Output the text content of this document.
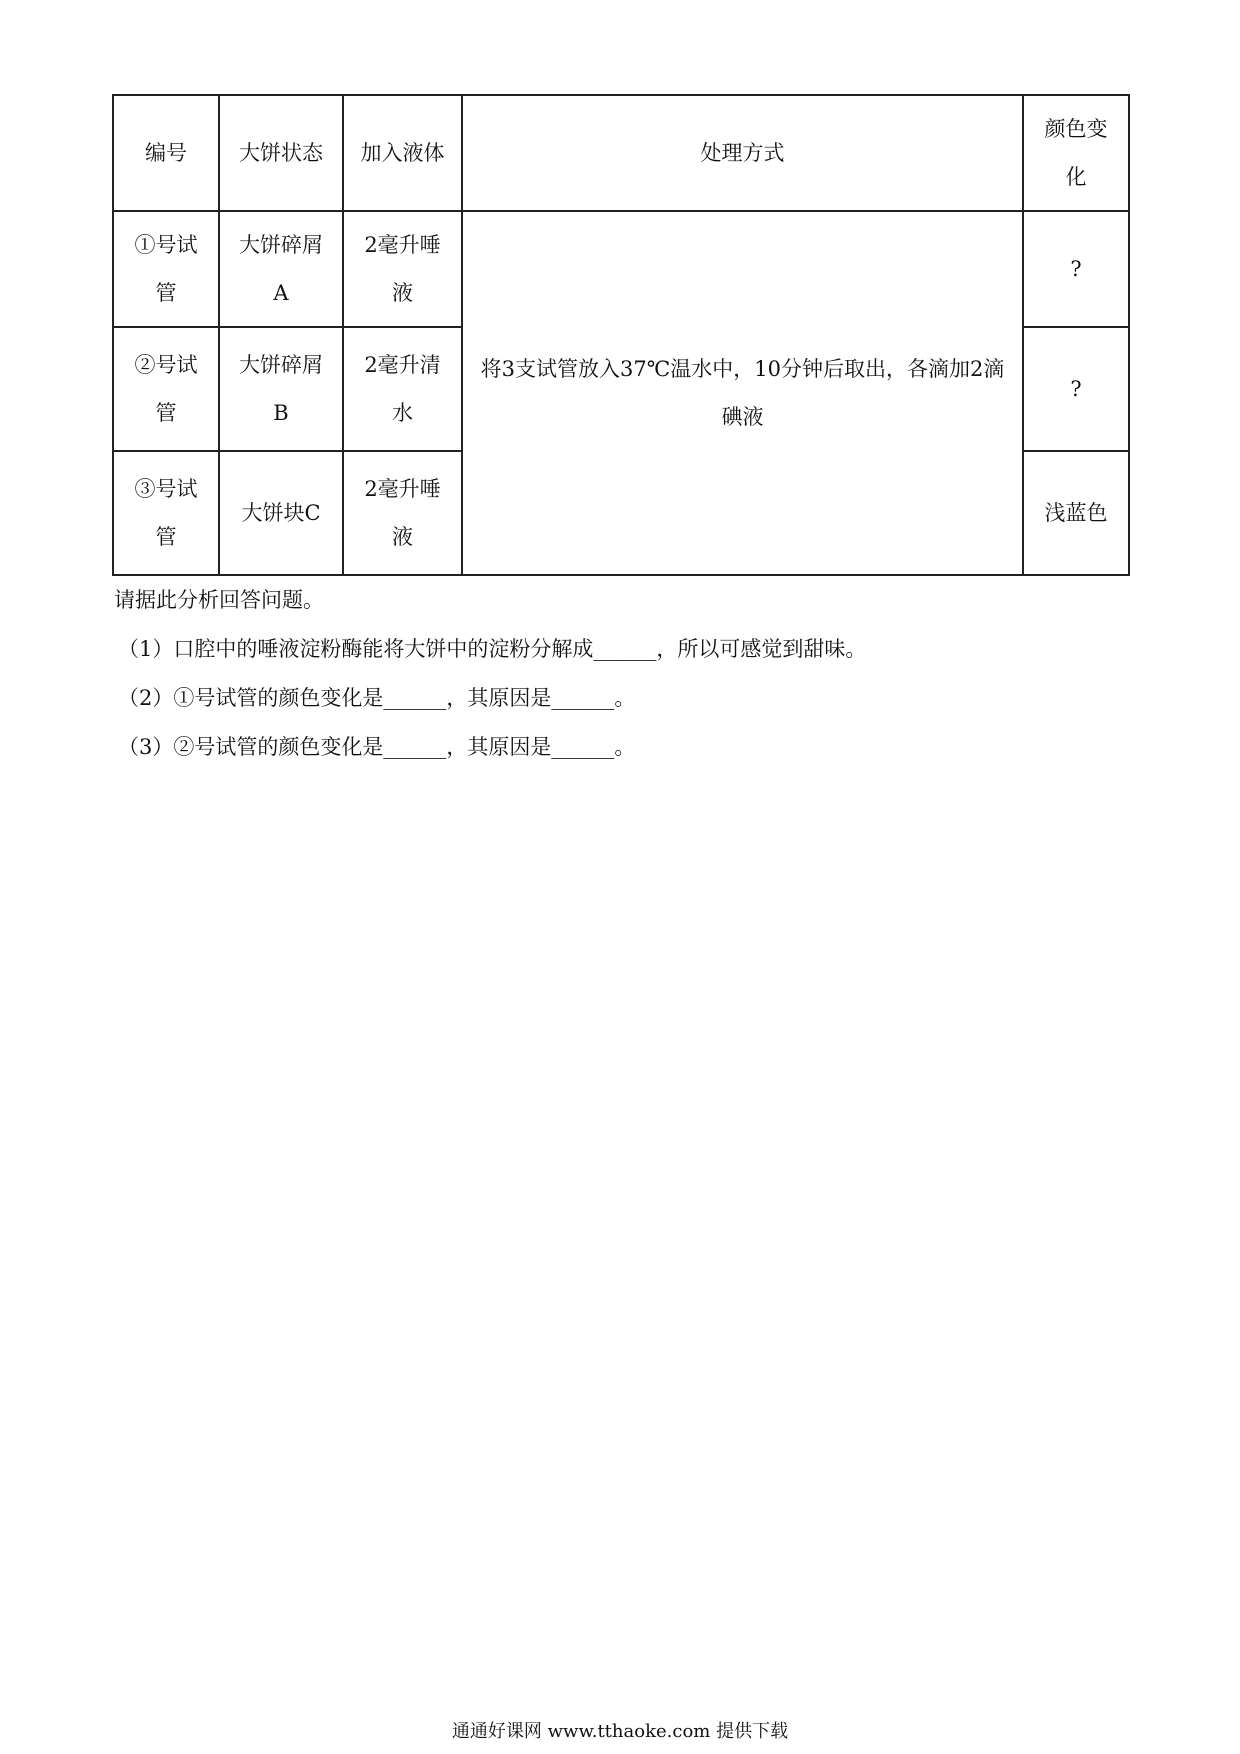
编号	大饼状态	加入液体	处理方式	颜色变化
①号试管	大饼碎屑A	2毫升唾液	将3支试管放入37℃温水中，10分钟后取出，各滴加2滴碘液	?
②号试管	大饼碎屑B	2毫升清水		?
③号试管	大饼块C	2毫升唾液		浅蓝色
请据此分析回答问题。
（1）口腔中的唾液淀粉酶能将大饼中的淀粉分解成______，所以可感觉到甜味。
（2）①号试管的颜色变化是______，其原因是______。
（3）②号试管的颜色变化是______，其原因是______。
通通好课网 www.tthaoke.com 提供下载
